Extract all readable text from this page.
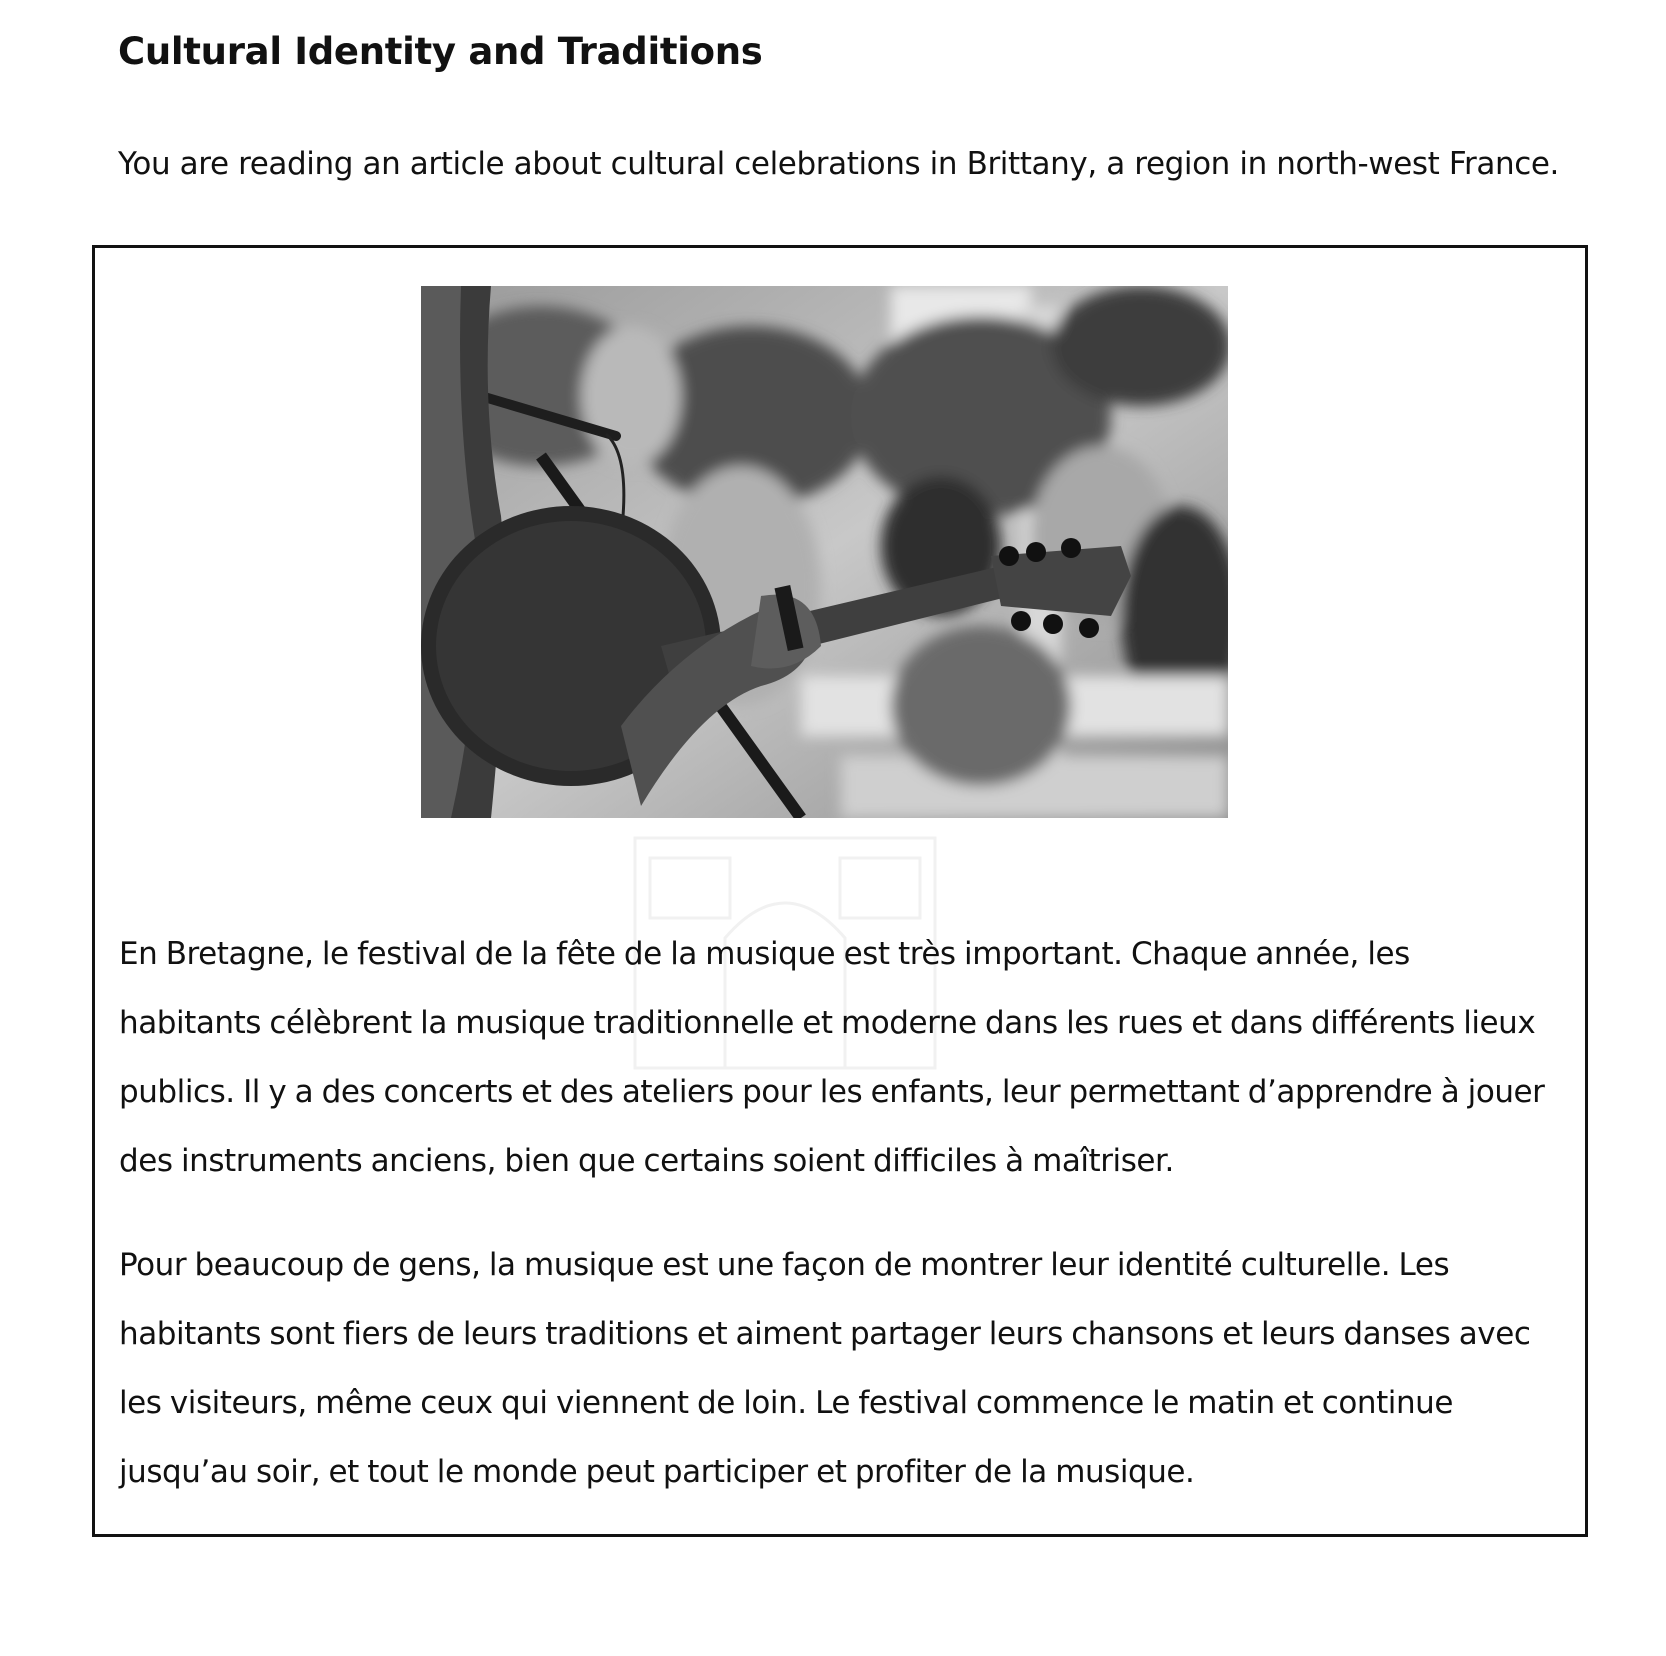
Cultural Identity and Traditions

You are reading an article about cultural celebrations in Brittany, a region in north-west France.

En Bretagne, le festival de la fête de la musique est très important. Chaque année, les
habitants célèbrent la musique traditionnelle et moderne dans les rues et dans différents lieux
publics. Il y a des concerts et des ateliers pour les enfants, leur permettant d’apprendre à jouer
des instruments anciens, bien que certains soient difficiles à maîtriser.

Pour beaucoup de gens, la musique est une façon de montrer leur identité culturelle. Les
habitants sont fiers de leurs traditions et aiment partager leurs chansons et leurs danses avec
les visiteurs, même ceux qui viennent de loin. Le festival commence le matin et continue
jusqu’au soir, et tout le monde peut participer et profiter de la musique.
